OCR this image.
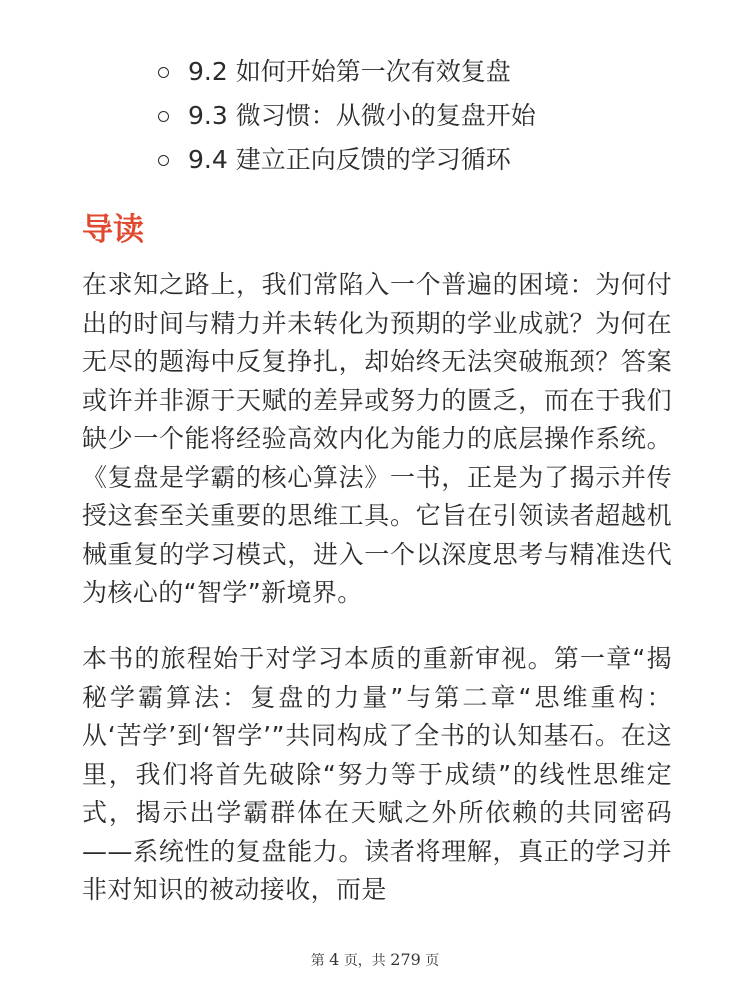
9.2
如何开始第一次有效复盘
9.3
微习惯：从微小的复盘开始
9.4
建立正向反馈的学习循环
导读

在求知之路上，我们常陷入一个普遍的困境：为何付出的时间与精力并未转化为预期的学业成就？为何在无尽的题海中反复挣扎，却始终无法突破瓶颈？答案或许并非源于天赋的差异或努力的匮乏，而在于我们缺少一个能将经验高效内化为能力的底层操作系统。《复盘是学霸的核心算法》一书，正是为了揭示并传授这套至关重要的思维工具。它旨在引领读者超越机械重复的学习模式，进入一个以深度思考与精准迭代为核心的“智学”新境界。

本书的旅程始于对学习本质的重新审视。第一章“揭秘学霸算法：复盘的力量”与第二章“思维重构：从‘苦学’到‘智学’”共同构成了全书的认知基石。在这里，我们将首先破除“努力等于成绩”的线性思维定式，揭示出学霸群体在天赋之外所依赖的共同密码——系统性的复盘能力。读者将理解，真正的学习并非对知识的被动接收，而是

第 4 页，共 279 页
